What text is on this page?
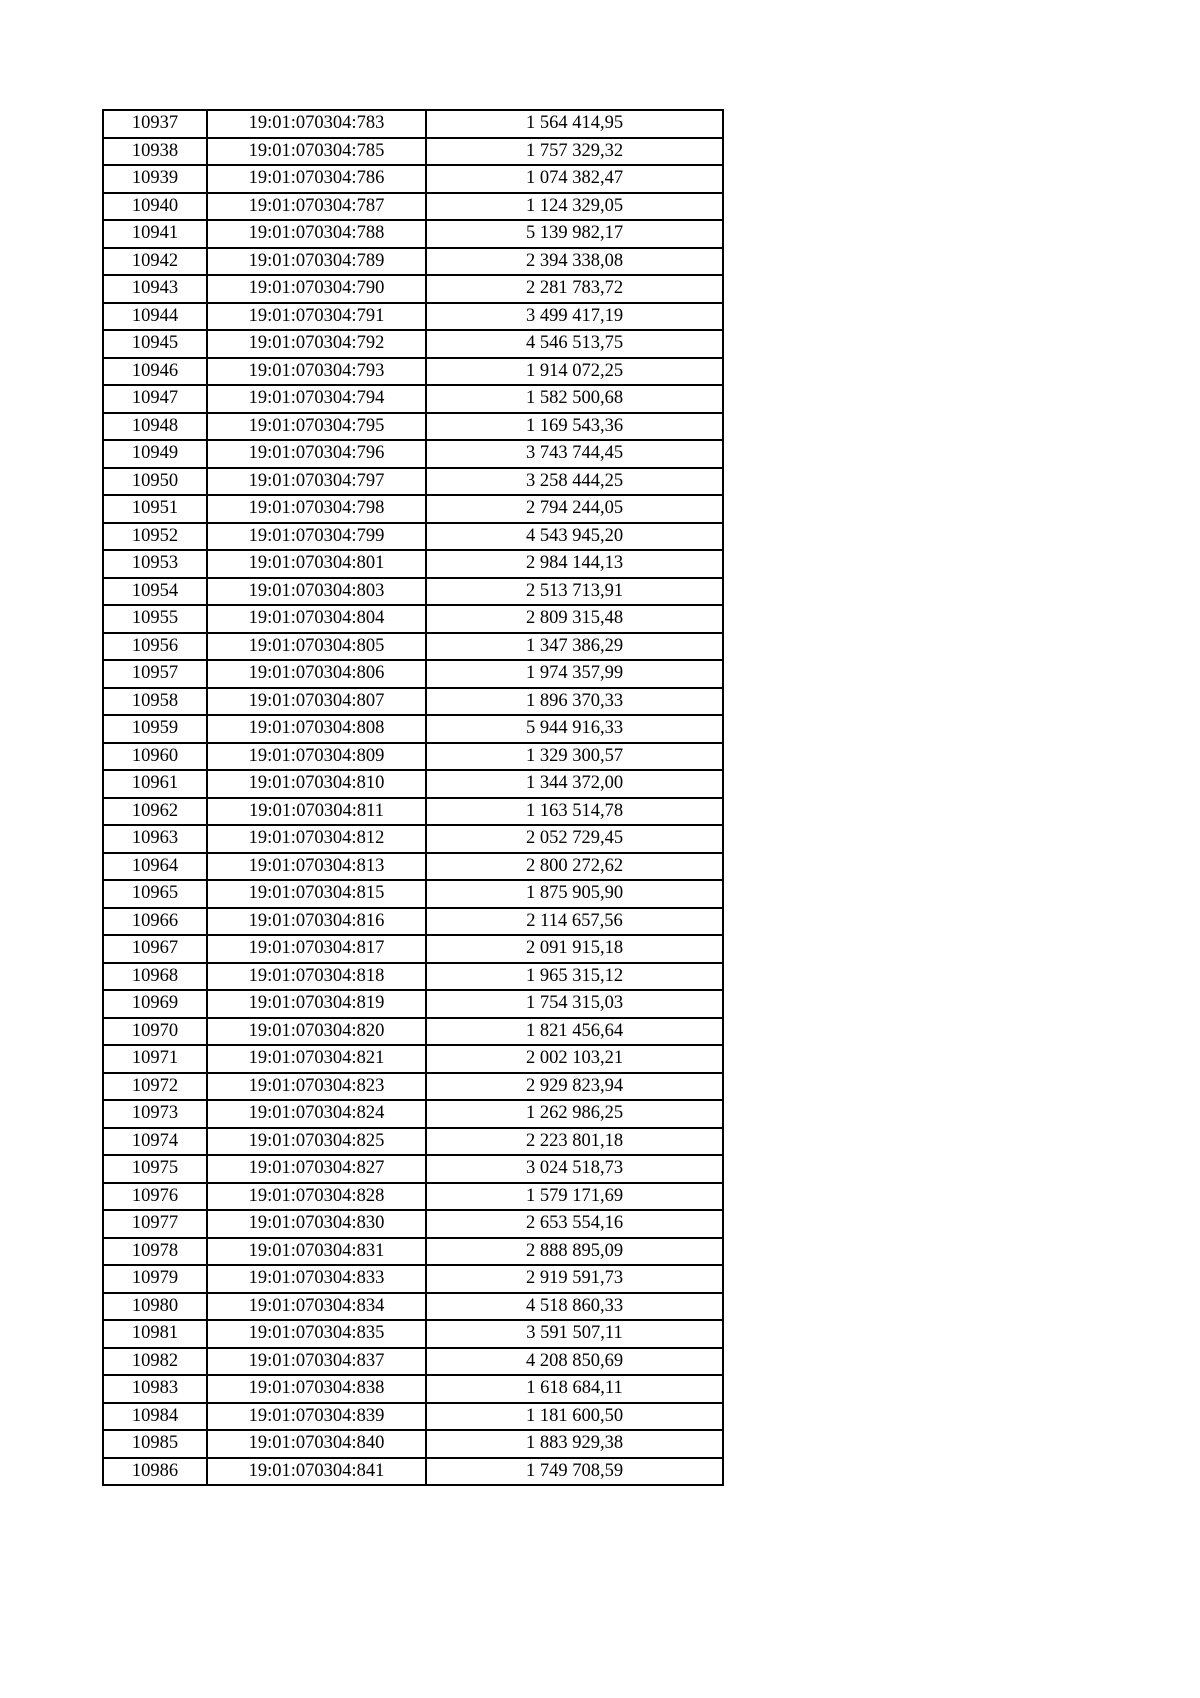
10937	19:01:070304:783	1 564 414,95
10938	19:01:070304:785	1 757 329,32
10939	19:01:070304:786	1 074 382,47
10940	19:01:070304:787	1 124 329,05
10941	19:01:070304:788	5 139 982,17
10942	19:01:070304:789	2 394 338,08
10943	19:01:070304:790	2 281 783,72
10944	19:01:070304:791	3 499 417,19
10945	19:01:070304:792	4 546 513,75
10946	19:01:070304:793	1 914 072,25
10947	19:01:070304:794	1 582 500,68
10948	19:01:070304:795	1 169 543,36
10949	19:01:070304:796	3 743 744,45
10950	19:01:070304:797	3 258 444,25
10951	19:01:070304:798	2 794 244,05
10952	19:01:070304:799	4 543 945,20
10953	19:01:070304:801	2 984 144,13
10954	19:01:070304:803	2 513 713,91
10955	19:01:070304:804	2 809 315,48
10956	19:01:070304:805	1 347 386,29
10957	19:01:070304:806	1 974 357,99
10958	19:01:070304:807	1 896 370,33
10959	19:01:070304:808	5 944 916,33
10960	19:01:070304:809	1 329 300,57
10961	19:01:070304:810	1 344 372,00
10962	19:01:070304:811	1 163 514,78
10963	19:01:070304:812	2 052 729,45
10964	19:01:070304:813	2 800 272,62
10965	19:01:070304:815	1 875 905,90
10966	19:01:070304:816	2 114 657,56
10967	19:01:070304:817	2 091 915,18
10968	19:01:070304:818	1 965 315,12
10969	19:01:070304:819	1 754 315,03
10970	19:01:070304:820	1 821 456,64
10971	19:01:070304:821	2 002 103,21
10972	19:01:070304:823	2 929 823,94
10973	19:01:070304:824	1 262 986,25
10974	19:01:070304:825	2 223 801,18
10975	19:01:070304:827	3 024 518,73
10976	19:01:070304:828	1 579 171,69
10977	19:01:070304:830	2 653 554,16
10978	19:01:070304:831	2 888 895,09
10979	19:01:070304:833	2 919 591,73
10980	19:01:070304:834	4 518 860,33
10981	19:01:070304:835	3 591 507,11
10982	19:01:070304:837	4 208 850,69
10983	19:01:070304:838	1 618 684,11
10984	19:01:070304:839	1 181 600,50
10985	19:01:070304:840	1 883 929,38
10986	19:01:070304:841	1 749 708,59
